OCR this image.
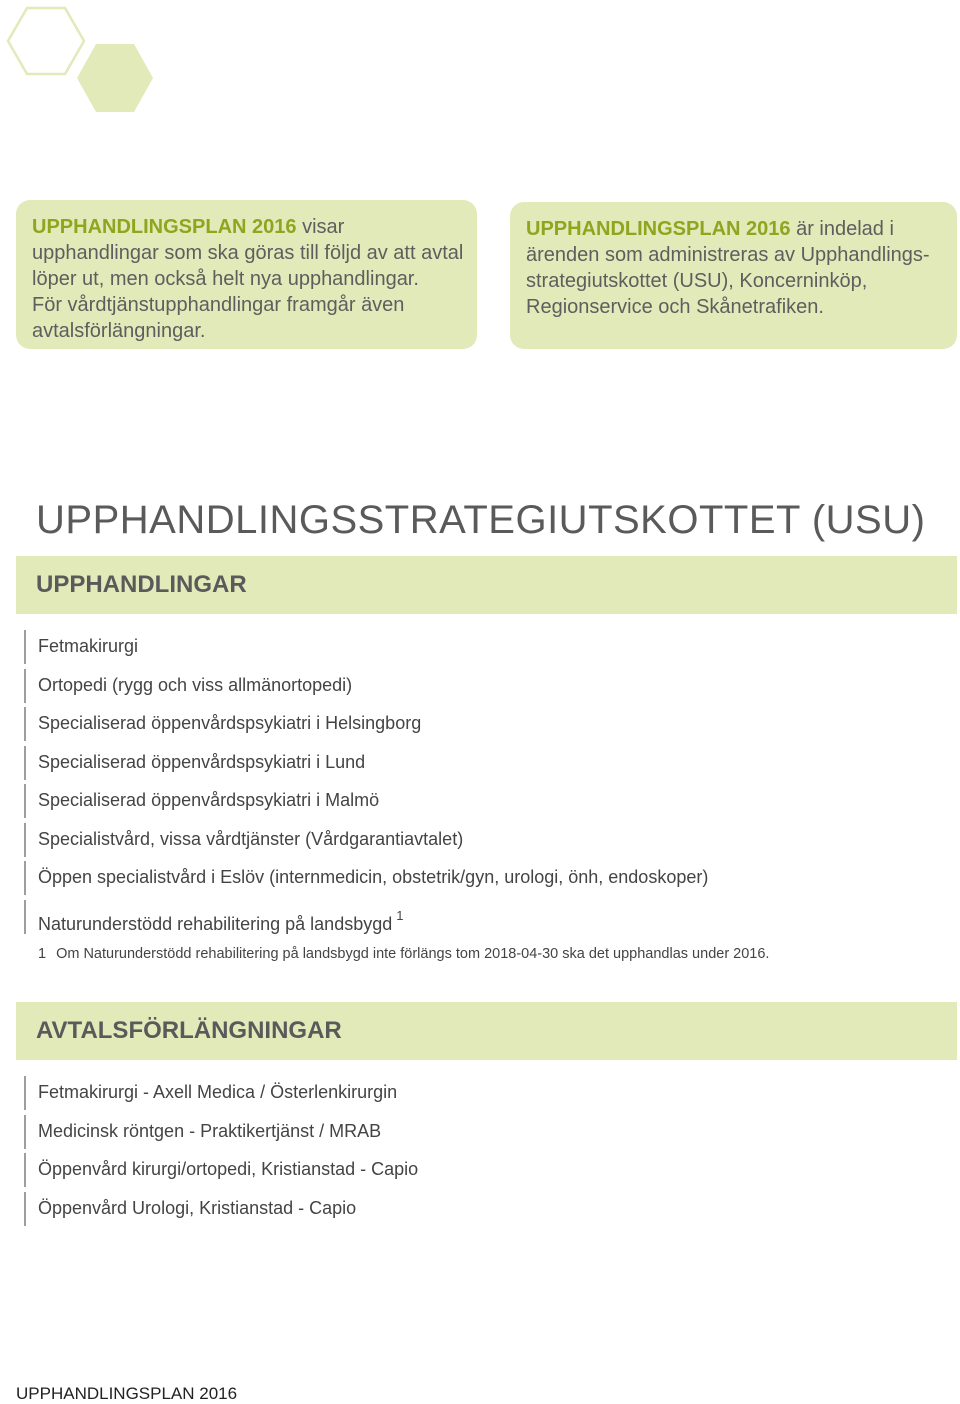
UPPHANDLINGSPLAN 2016 visar
upphandlingar som ska göras till följd av att avtal
löper ut, men också helt nya upphandlingar.
För vårdtjänstupphandlingar framgår även
avtalsförlängningar.
UPPHANDLINGSPLAN 2016 är indelad i
ärenden som administreras av Upphandlings-
strategiutskottet (USU), Koncerninköp,
Regionservice och Skånetrafiken.
UPPHANDLINGSSTRATEGIUTSKOTTET (USU)
UPPHANDLINGAR
Fetmakirurgi
Ortopedi (rygg och viss allmänortopedi)
Specialiserad öppenvårdspsykiatri i Helsingborg
Specialiserad öppenvårdspsykiatri i Lund
Specialiserad öppenvårdspsykiatri i Malmö
Specialistvård, vissa vårdtjänster (Vårdgarantiavtalet)
Öppen specialistvård i Eslöv (internmedicin, obstetrik/gyn, urologi, önh, endoskoper)
Naturunderstödd rehabilitering på landsbygd $^1$
1 Om Naturunderstödd rehabilitering på landsbygd inte förlängs tom 2018-04-30 ska det upphandlas under 2016.
AVTALSFÖRLÄNGNINGAR
Fetmakirurgi - Axell Medica / Österlenkirurgin
Medicinsk röntgen - Praktikertjänst / MRAB
Öppenvård kirurgi/ortopedi, Kristianstad - Capio
Öppenvård Urologi, Kristianstad - Capio
UPPHANDLINGSPLAN 2016
